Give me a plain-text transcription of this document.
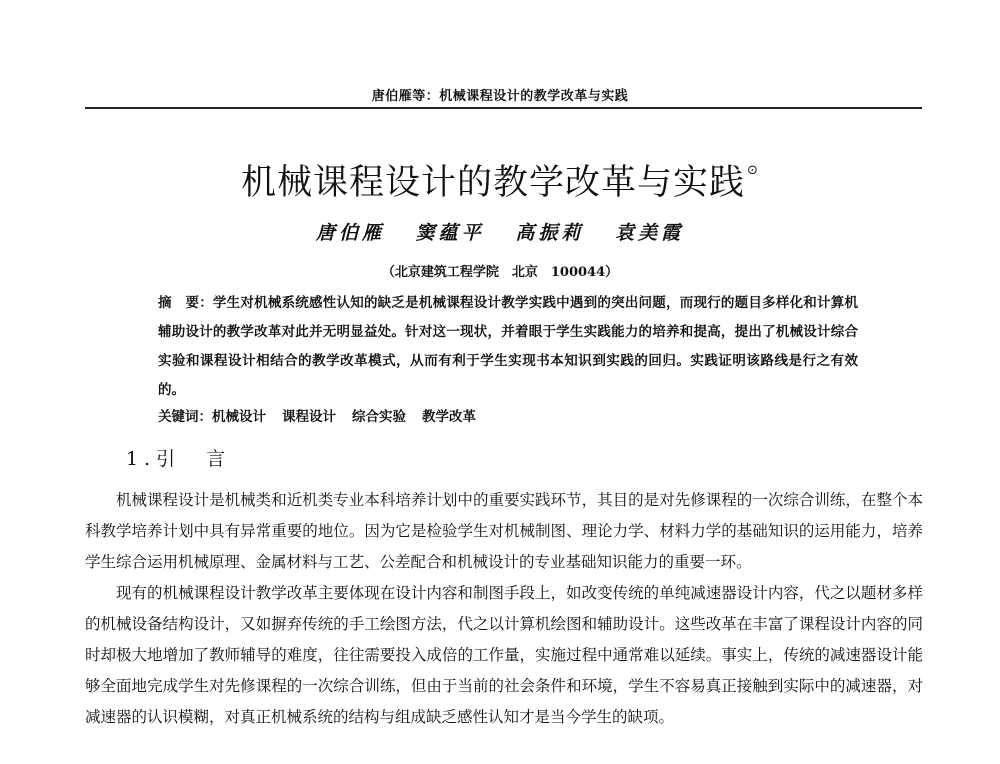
唐伯雁等：机械课程设计的教学改革与实践
机械课程设计的教学改革与实践 ⊙
唐伯雁 窦蕴平 高振莉 袁美霞
（北京建筑工程学院　北京　100044）
摘　要：学生对机械系统感性认知的缺乏是机械课程设计教学实践中遇到的突出问题，而现行的题目多样化和计算机辅助设计的教学改革对此并无明显益处。针对这一现状，并着眼于学生实践能力的培养和提高，提出了机械设计综合实验和课程设计相结合的教学改革模式，从而有利于学生实现书本知识到实践的回归。实践证明该路线是行之有效的。
关键词：机械设计 课程设计 综合实验 教学改革
1.引　言

机械课程设计是机械类和近机类专业本科培养计划中的重要实践环节，其目的是对先修课程的一次综合训练，在整个本科教学培养计划中具有异常重要的地位。因为它是检验学生对机械制图、理论力学、材料力学的基础知识的运用能力，培养学生综合运用机械原理、金属材料与工艺、公差配合和机械设计的专业基础知识能力的重要一环。

现有的机械课程设计教学改革主要体现在设计内容和制图手段上，如改变传统的单纯减速器设计内容，代之以题材多样的机械设备结构设计，又如摒弃传统的手工绘图方法，代之以计算机绘图和辅助设计。这些改革在丰富了课程设计内容的同时却极大地增加了教师辅导的难度，往往需要投入成倍的工作量，实施过程中通常难以延续。事实上，传统的减速器设计能够全面地完成学生对先修课程的一次综合训练，但由于当前的社会条件和环境，学生不容易真正接触到实际中的减速器，对减速器的认识模糊，对真正机械系统的结构与组成缺乏感性认知才是当今学生的缺项。
